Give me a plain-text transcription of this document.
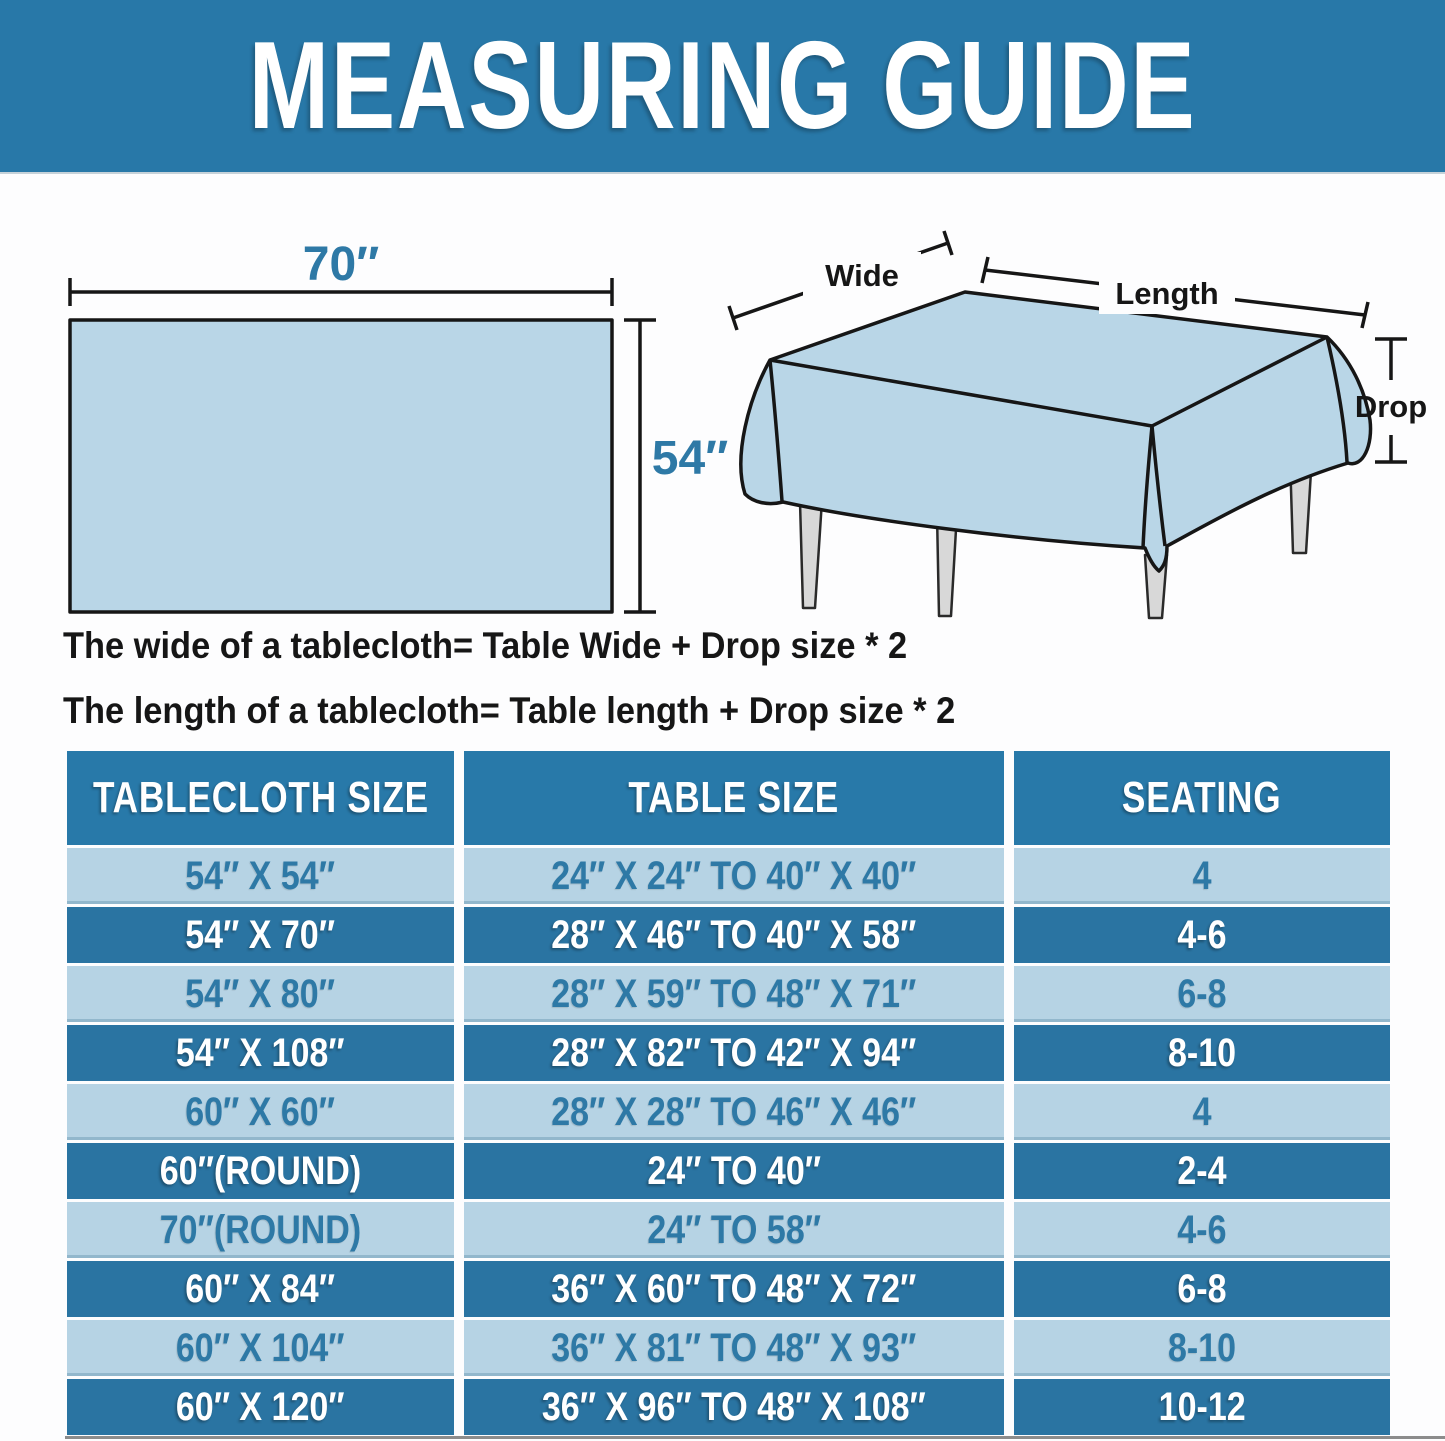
MEASURING GUIDE
70″
54″
Wide
Length
Drop

The wide of a tablecloth= Table Wide + Drop size * 2

The length of a tablecloth= Table length + Drop size * 2

TABLECLOTH SIZE	TABLE SIZE	SEATING
54″ X 54″	24″ X 24″ TO 40″ X 40″	4
54″ X 70″	28″ X 46″ TO 40″ X 58″	4-6
54″ X 80″	28″ X 59″ TO 48″ X 71″	6-8
54″ X 108″	28″ X 82″ TO 42″ X 94″	8-10
60″ X 60″	28″ X 28″ TO 46″ X 46″	4
60″(ROUND)	24″ TO 40″	2-4
70″(ROUND)	24″ TO 58″	4-6
60″ X 84″	36″ X 60″ TO 48″ X 72″	6-8
60″ X 104″	36″ X 81″ TO 48″ X 93″	8-10
60″ X 120″	36″ X 96″ TO 48″ X 108″	10-12
